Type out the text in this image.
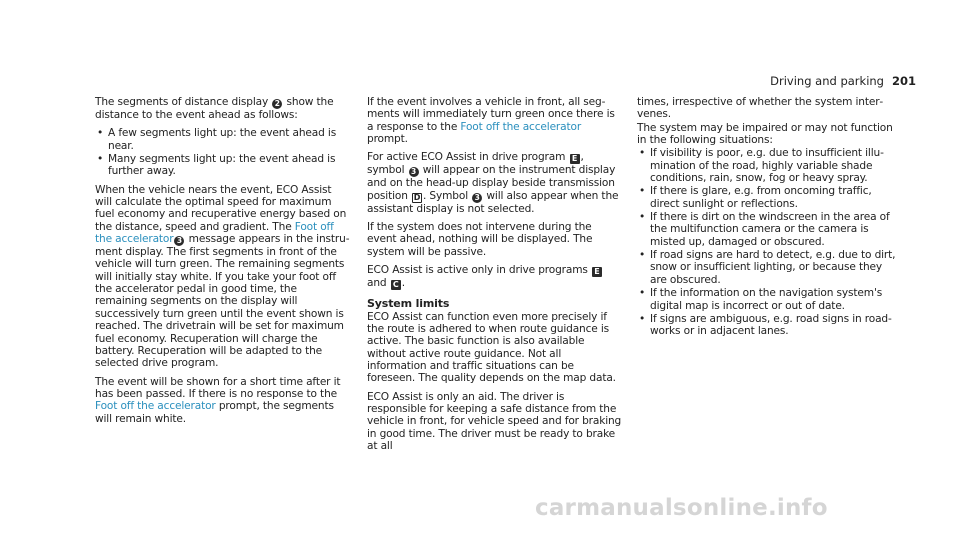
Driving and parking 201

The segments of distance display 2 show the distance to the event ahead as follows:

• A few segments light up: the event ahead is near.
• Many segments light up: the event ahead is further away.

When the vehicle nears the event, ECO Assist will calculate the optimal speed for maximum fuel economy and recuperative energy based on the distance, speed and gradient. The Foot off the accelerator 3 message appears in the instrument display. The first segments in front of the vehicle will turn green. The remaining segments will initially stay white. If you take your foot off the accelerator pedal in good time, the remaining segments on the display will successively turn green until the event shown is reached. The drivetrain will be set for maximum fuel economy. Recuperation will charge the battery. Recuperation will be adapted to the selected drive program.

The event will be shown for a short time after it has been passed. If there is no response to the Foot off the accelerator prompt, the segments will remain white.

If the event involves a vehicle in front, all segments will immediately turn green once there is a response to the Foot off the accelerator prompt.

For active ECO Assist in drive program E , symbol 3 will appear on the instrument display and on the head-up display beside transmission position D . Symbol 3 will also appear when the assistant display is not selected.

If the system does not intervene during the event ahead, nothing will be displayed. The system will be passive.

ECO Assist is active only in drive programs E
and C .

System limits

ECO Assist can function even more precisely if the route is adhered to when route guidance is active. The basic function is also available without active route guidance. Not all information and traffic situations can be foreseen. The quality depends on the map data.

ECO Assist is only an aid. The driver is responsible for keeping a safe distance from the vehicle in front, for vehicle speed and for braking in good time. The driver must be ready to brake at all

times, irrespective of whether the system intervenes.

The system may be impaired or may not function in the following situations:

• If visibility is poor, e.g. due to insufficient illumination of the road, highly variable shade conditions, rain, snow, fog or heavy spray.
• If there is glare, e.g. from oncoming traffic, direct sunlight or reflections.
• If there is dirt on the windscreen in the area of the multifunction camera or the camera is misted up, damaged or obscured.
• If road signs are hard to detect, e.g. due to dirt, snow or insufficient lighting, or because they are obscured.
• If the information on the navigation system's digital map is incorrect or out of date.
• If signs are ambiguous, e.g. road signs in roadworks or in adjacent lanes.
carmanualsonline.info
